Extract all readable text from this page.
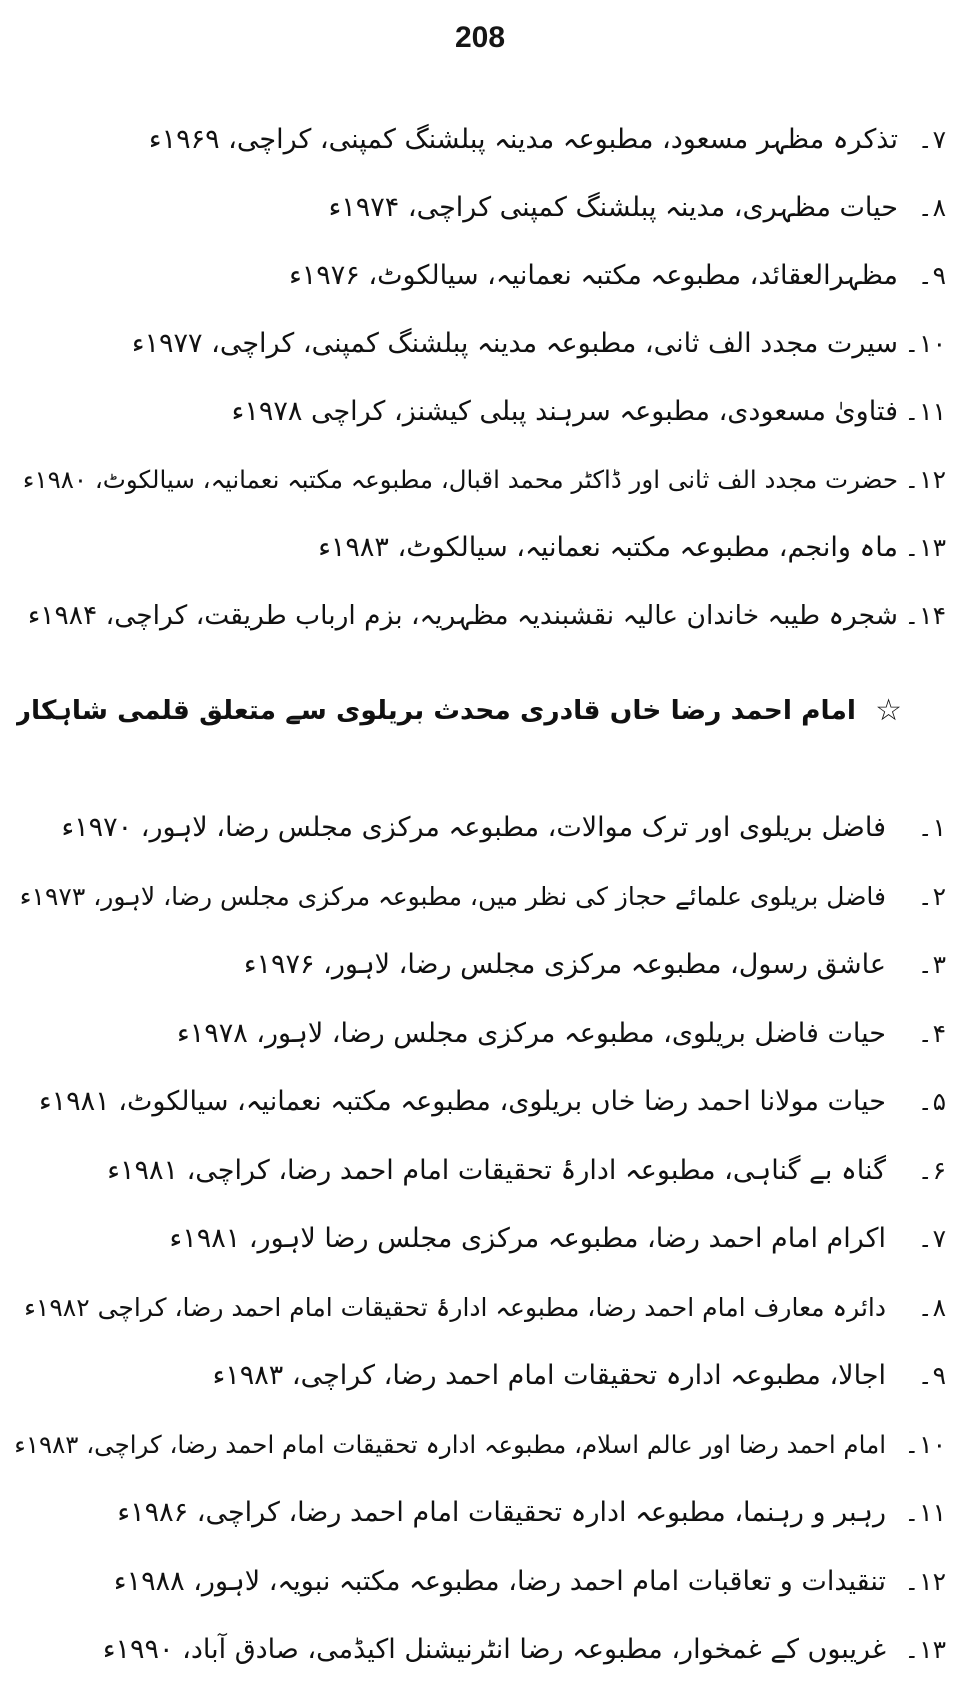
208
۷۔
تذکرہ مظہر مسعود، مطبوعہ مدینہ پبلشنگ کمپنی، کراچی، ۱۹۶۹ء
۸۔
حیات مظہری، مدینہ پبلشنگ کمپنی کراچی، ۱۹۷۴ء
۹۔
مظہرالعقائد، مطبوعہ مکتبہ نعمانیہ، سیالکوٹ، ۱۹۷۶ء
۱۰۔
سیرت مجدد الف ثانی، مطبوعہ مدینہ پبلشنگ کمپنی، کراچی، ۱۹۷۷ء
۱۱۔
فتاویٰ مسعودی، مطبوعہ سرہند پبلی کیشنز، کراچی ۱۹۷۸ء
۱۲۔
حضرت مجدد الف ثانی اور ڈاکٹر محمد اقبال، مطبوعہ مکتبہ نعمانیہ، سیالکوٹ، ۱۹۸۰ء
۱۳۔
ماہ وانجم، مطبوعہ مکتبہ نعمانیہ، سیالکوٹ، ۱۹۸۳ء
۱۴۔
شجرہ طیبہ خاندان عالیہ نقشبندیہ مظہریہ، بزم ارباب طریقت، کراچی، ۱۹۸۴ء
☆
امام احمد رضا خاں قادری محدث بریلوی سے متعلق قلمی شاہکار
۱۔
فاضل بریلوی اور ترک موالات، مطبوعہ مرکزی مجلس رضا، لاہور، ۱۹۷۰ء
۲۔
فاضل بریلوی علمائے حجاز کی نظر میں، مطبوعہ مرکزی مجلس رضا، لاہور، ۱۹۷۳ء
۳۔
عاشق رسول، مطبوعہ مرکزی مجلس رضا، لاہور، ۱۹۷۶ء
۴۔
حیات فاضل بریلوی، مطبوعہ مرکزی مجلس رضا، لاہور، ۱۹۷۸ء
۵۔
حیات مولانا احمد رضا خاں بریلوی، مطبوعہ مکتبہ نعمانیہ، سیالکوٹ، ۱۹۸۱ء
۶۔
گناہ بے گناہی، مطبوعہ ادارۂ تحقیقات امام احمد رضا، کراچی، ۱۹۸۱ء
۷۔
اکرام امام احمد رضا، مطبوعہ مرکزی مجلس رضا لاہور، ۱۹۸۱ء
۸۔
دائرہ معارف امام احمد رضا، مطبوعہ ادارۂ تحقیقات امام احمد رضا، کراچی ۱۹۸۲ء
۹۔
اجالا، مطبوعہ ادارہ تحقیقات امام احمد رضا، کراچی، ۱۹۸۳ء
۱۰۔
امام احمد رضا اور عالم اسلام، مطبوعہ ادارہ تحقیقات امام احمد رضا، کراچی، ۱۹۸۳ء
۱۱۔
رہبر و رہنما، مطبوعہ ادارہ تحقیقات امام احمد رضا، کراچی، ۱۹۸۶ء
۱۲۔
تنقیدات و تعاقبات امام احمد رضا، مطبوعہ مکتبہ نبویہ، لاہور، ۱۹۸۸ء
۱۳۔
غریبوں کے غمخوار، مطبوعہ رضا انٹرنیشنل اکیڈمی، صادق آباد، ۱۹۹۰ء
